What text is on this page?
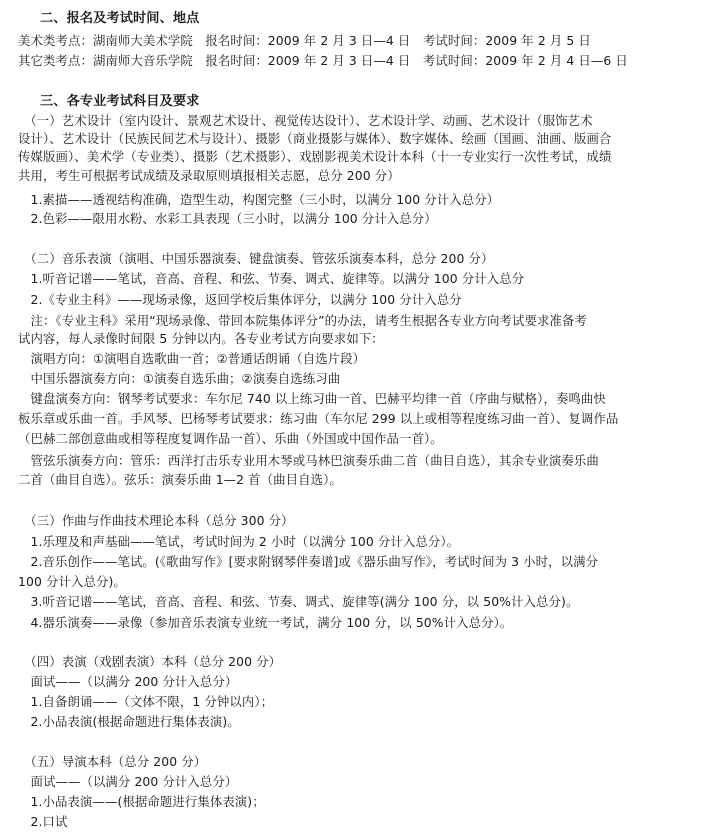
二、报名及考试时间、地点
美术类考点：湖南师大美术学院　报名时间：2009 年 2 月 3 日—4 日　考试时间：2009 年 2 月 5 日
其它类考点：湖南师大音乐学院　报名时间：2009 年 2 月 3 日—4 日　考试时间：2009 年 2 月 4 日—6 日
三、各专业考试科目及要求
　（一）艺术设计（室内设计、景观艺术设计、视觉传达设计）、艺术设计学、动画、艺术设计（服饰艺术
设计）、艺术设计（民族民间艺术与设计）、摄影（商业摄影与媒体）、数字媒体、绘画（国画、油画、版画合
传媒版画）、美术学（专业类）、摄影（艺术摄影）、戏剧影视美术设计本科（十一专业实行一次性考试，成绩
共用，考生可根据考试成绩及录取原则填报相关志愿，总分 200 分）
　1.素描——透视结构准确，造型生动，构图完整（三小时，以满分 100 分计入总分）
　2.色彩——限用水粉、水彩工具表现（三小时，以满分 100 分计入总分）
　（二）音乐表演（演唱、中国乐器演奏、键盘演奏、管弦乐演奏本科，总分 200 分）
　1.听音记谱——笔试，音高、音程、和弦、节奏、调式、旋律等。以满分 100 分计入总分
　2.《专业主科》——现场录像，返回学校后集体评分，以满分 100 分计入总分
　注：《专业主科》采用“现场录像、带回本院集体评分”的办法，请考生根据各专业方向考试要求准备考
试内容，每人录像时间限 5 分钟以内。各专业考试方向要求如下：
　演唱方向：①演唱自选歌曲一首；②普通话朗诵（自选片段）
　中国乐器演奏方向：①演奏自选乐曲；②演奏自选练习曲
　键盘演奏方向：钢琴考试要求：车尔尼 740 以上练习曲一首、巴赫平均律一首（序曲与赋格），奏鸣曲快
板乐章或乐曲一首。手风琴、巴杨琴考试要求：练习曲（车尔尼 299 以上或相等程度练习曲一首）、复调作品
（巴赫二部创意曲或相等程度复调作品一首）、乐曲（外国或中国作品一首）。
　管弦乐演奏方向：管乐：西洋打击乐专业用木琴或马林巴演奏乐曲二首（曲目自选），其余专业演奏乐曲
二首（曲目自选）。弦乐：演奏乐曲 1—2 首（曲目自选）。
　（三）作曲与作曲技术理论本科（总分 300 分）
　1.乐理及和声基础——笔试，考试时间为 2 小时（以满分 100 分计入总分）。
　2.音乐创作——笔试。(《歌曲写作》[要求附钢琴伴奏谱]或《器乐曲写作》，考试时间为 3 小时，以满分
100 分计入总分)。
　3.听音记谱——笔试，音高、音程、和弦、节奏、调式、旋律等(满分 100 分，以 50%计入总分)。
　4.器乐演奏——录像（参加音乐表演专业统一考试，满分 100 分，以 50%计入总分）。
　（四）表演（戏剧表演）本科（总分 200 分）
　面试——（以满分 200 分计入总分）
　1.自备朗诵——（文体不限，1 分钟以内）；
　2.小品表演(根据命题进行集体表演)。
　（五）导演本科（总分 200 分）
　面试——（以满分 200 分计入总分）
　1.小品表演——(根据命题进行集体表演)；
　2.口试
